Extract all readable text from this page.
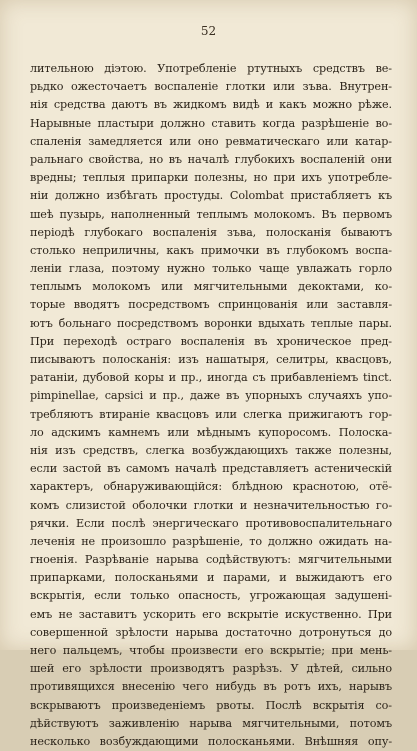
52
лительною діэтою. Употребленіе ртутныхъ средствъ ве-
рьдко ожесточаетъ воспаленіе глотки или зъва. Внутрен-
нія средства даютъ въ жидкомъ видѣ и какъ можно рѣже.
Нарывные пластыри должно ставить когда разрѣшеніе во-
спаленія замедляется или оно ревматическаго или катар-
ральнаго свойства, но въ началѣ глубокихъ воспаленій они
вредны; теплыя припарки полезны, но при ихъ употребле-
ніи должно избѣгать простуды. Colombat пристабляетъ къ
шеѣ пузырь, наполненный теплымъ молокомъ. Въ первомъ
періодѣ глубокаго воспаленія зъва, полосканія бываютъ
столько неприличны, какъ примочки въ глубокомъ воспа-
леніи глаза, поэтому нужно только чаще увлажать горло
теплымъ молокомъ или мягчительными декоктами, ко-
торые вводятъ посредствомъ спринцованія или заставля-
ютъ больнаго посредствомъ воронки вдыхать теплые пары.
При переходѣ остраго воспаленія въ хроническое пред-
писываютъ полосканія: изъ нашатыря, селитры, квасцовъ,
ратаніи, дубовой коры и пр., иногда съ прибавленіемъ tinct.
pimpinellae, capsici и пр., даже въ упорныхъ случаяхъ упо-
требляютъ втираніе квасцовъ или слегка прижигаютъ гор-
ло адскимъ камнемъ или мѣднымъ купоросомъ. Полоска-
нія изъ средствъ, слегка возбуждающихъ также полезны,
если застой въ самомъ началѣ представляетъ астеническій
характеръ, обнаруживающійся: блѣдною краснотою, отё-
комъ слизистой оболочки глотки и незначительностью го-
рячки. Если послѣ энергическаго противовоспалительнаго
леченія не произошло разрѣшеніе, то должно ожидать на-
гноенія. Разрѣваніе нарыва содѣйствуютъ: мягчительными
припарками, полосканьями и парами, и выжидаютъ его
вскрытія, если только опасность, угрожающая задушені-
емъ не заставитъ ускорить его вскрытіе искуственно. При
совершенной зрѣлости нарыва достаточно дотронуться до
него пальцемъ, чтобы произвести его вскрытіе; при мень-
шей его зрѣлости производятъ разрѣзъ. У дѣтей, сильно
противящихся внесенію чего нибудь въ ротъ ихъ, нарывъ
вскрываютъ произведеніемъ рвоты. Послѣ вскрытія со-
дѣйствуютъ заживленію нарыва мягчительными, потомъ
несколько возбуждающими полосканьями. Внѣшняя опу-
